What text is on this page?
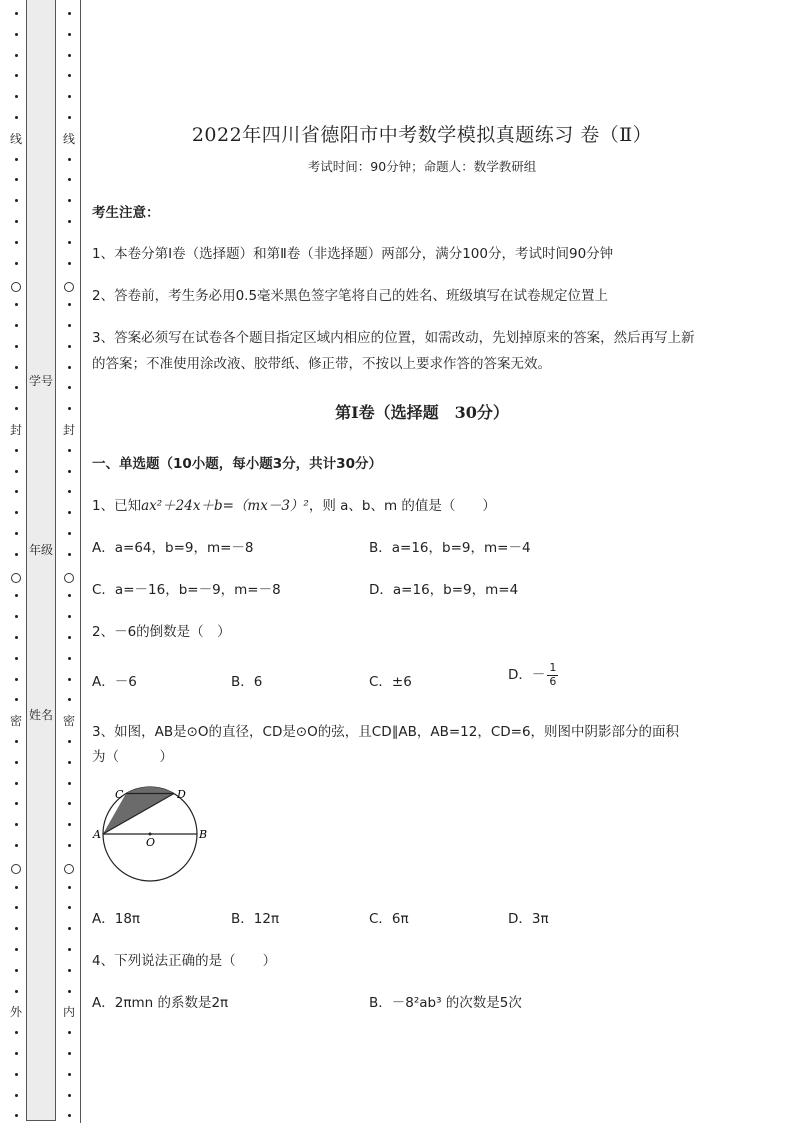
线
封
密
外
学号
年级
姓名
线
封
密
内
2022年四川省德阳市中考数学模拟真题练习 卷（Ⅱ）
考试时间：90分钟；命题人：数学教研组
考生注意：
1、本卷分第Ⅰ卷（选择题）和第Ⅱ卷（非选择题）两部分，满分100分，考试时间90分钟
2、答卷前，考生务必用0.5毫米黑色签字笔将自己的姓名、班级填写在试卷规定位置上
3、答案必须写在试卷各个题目指定区域内相应的位置，如需改动，先划掉原来的答案，然后再写上新
的答案；不准使用涂改液、胶带纸、修正带，不按以上要求作答的答案无效。
第Ⅰ卷（选择题　30分）
一、单选题（10小题，每小题3分，共计30分）
1、已知ax²＋24x＋b=（mx－3）²，则 a、b、m 的值是（　　）
A．a=64，b=9，m=－8	B．a=16，b=9，m=－4
C．a=－16，b=－9，m=－8	D．a=16，b=9，m=4
2、－6的倒数是（　）
A．－6	B．6	C．±6	D．－ $\frac{1}{6}$
3、如图，AB是⊙O的直径，CD是⊙O的弦，且CD∥AB，AB=12，CD=6，则图中阴影部分的面积
为（　　　）
A．18π	B．12π	C．6π	D．3π
4、下列说法正确的是（　　）
A．2πmn 的系数是2π	B．－8²ab³ 的次数是5次
A	B
C	D
O
